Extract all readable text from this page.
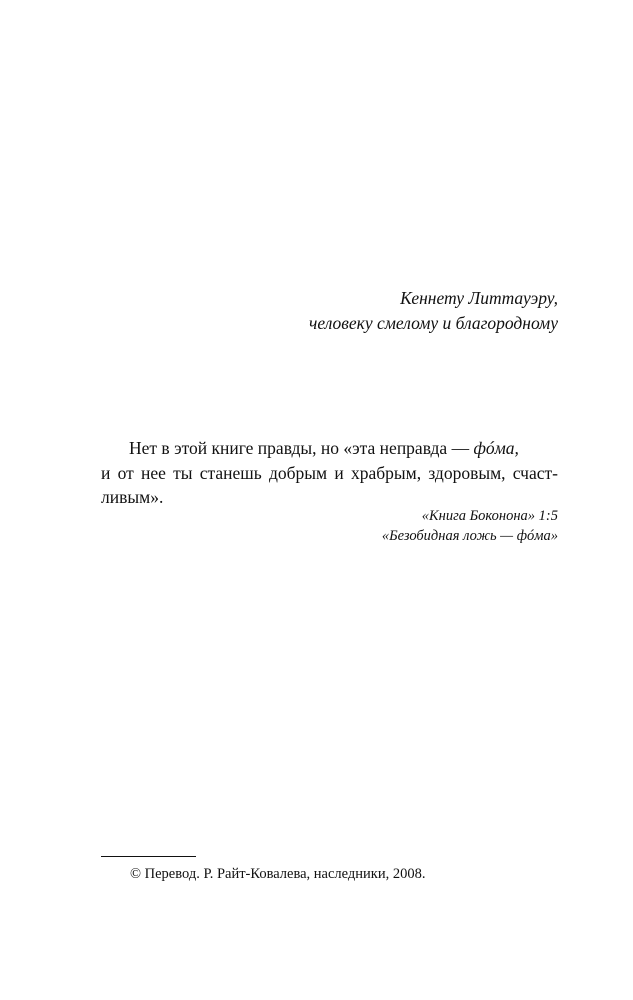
Кеннету Литтауэру,
человеку смелому и благородному
Нет в этой книге правды, но «эта неправда — фóма,
и от нее ты станешь добрым и храбрым, здоровым, счаст-
ливым».
«Книга Боконона» 1:5
«Безобидная ложь — фóма»
© Перевод. Р. Райт-Ковалева, наследники, 2008.
